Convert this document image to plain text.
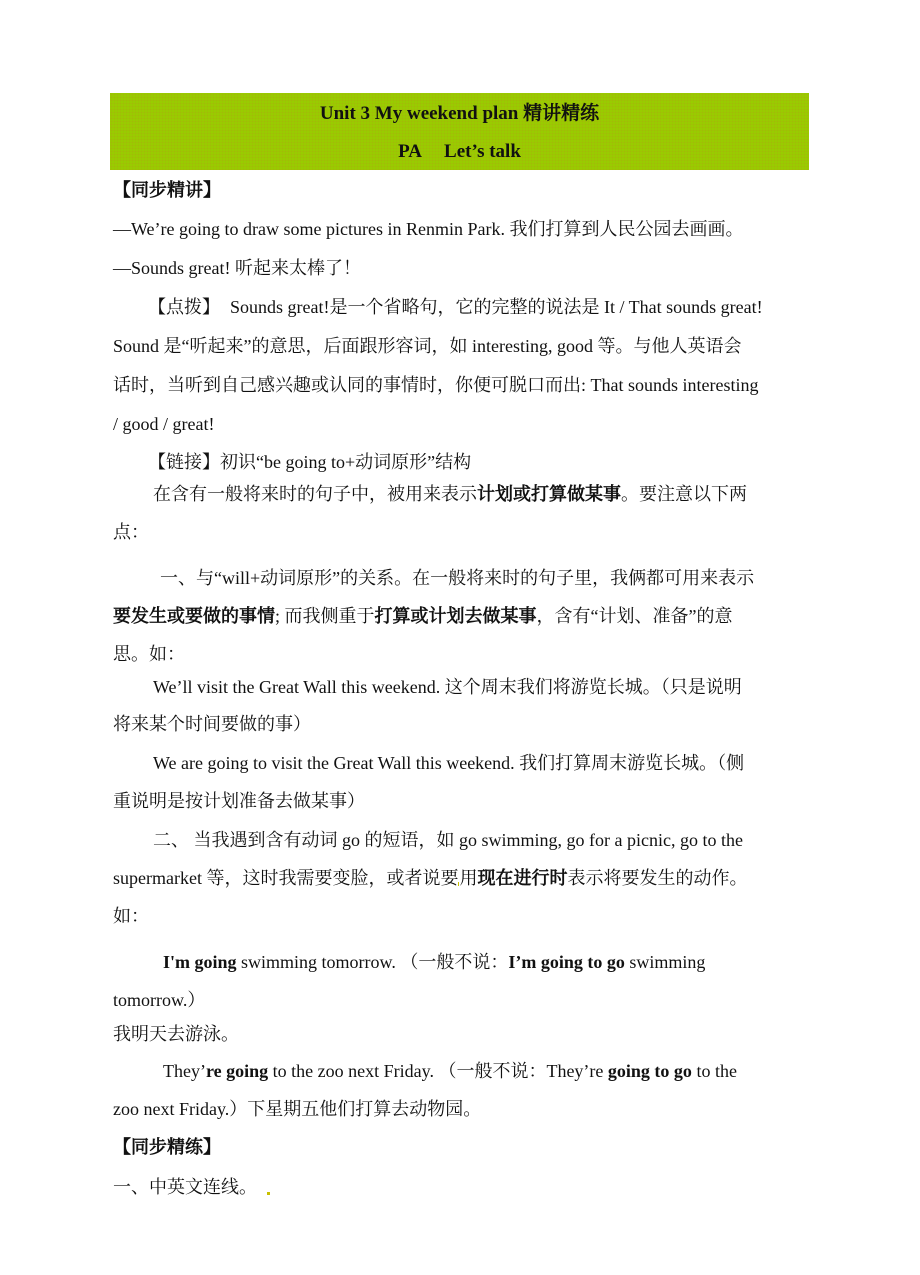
Unit 3 My weekend plan 精讲精练
PA Let’s talk
【同步精讲】
—We’re going to draw some pictures in Renmin Park. 我们打算到人民公园去画画。
—Sounds great! 听起来太棒了！
【点拨】 Sounds great!是一个省略句，它的完整的说法是 It / That sounds great!
Sound 是“听起来”的意思，后面跟形容词，如 interesting, good 等。与他人英语会
话时，当听到自己感兴趣或认同的事情时，你便可脱口而出: That sounds interesting
/ good / great!
【链接】初识“be going to+动词原形”结构
在含有一般将来时的句子中，被用来表示计划或打算做某事。要注意以下两
点：
一、与“will+动词原形”的关系。在一般将来时的句子里，我俩都可用来表示
要发生或要做的事情; 而我侧重于打算或计划去做某事，含有“计划、准备”的意
思。如：
We’ll visit the Great Wall this weekend. 这个周末我们将游览长城。（只是说明
将来某个时间要做的事）
We are going to visit the Great Wall this weekend. 我们打算周末游览长城。（侧
重说明是按计划准备去做某事）
二、 当我遇到含有动词 go 的短语，如 go swimming, go for a picnic, go to the
supermarket 等，这时我需要变脸，或者说要用现在进行时表示将要发生的动作。
如：
I'm going swimming tomorrow. （一般不说：I’m going to go swimming
tomorrow.）
我明天去游泳。
They’re going to the zoo next Friday. （一般不说：They’re going to go to the
zoo next Friday.）下星期五他们打算去动物园。
【同步精练】
一、中英文连线。
